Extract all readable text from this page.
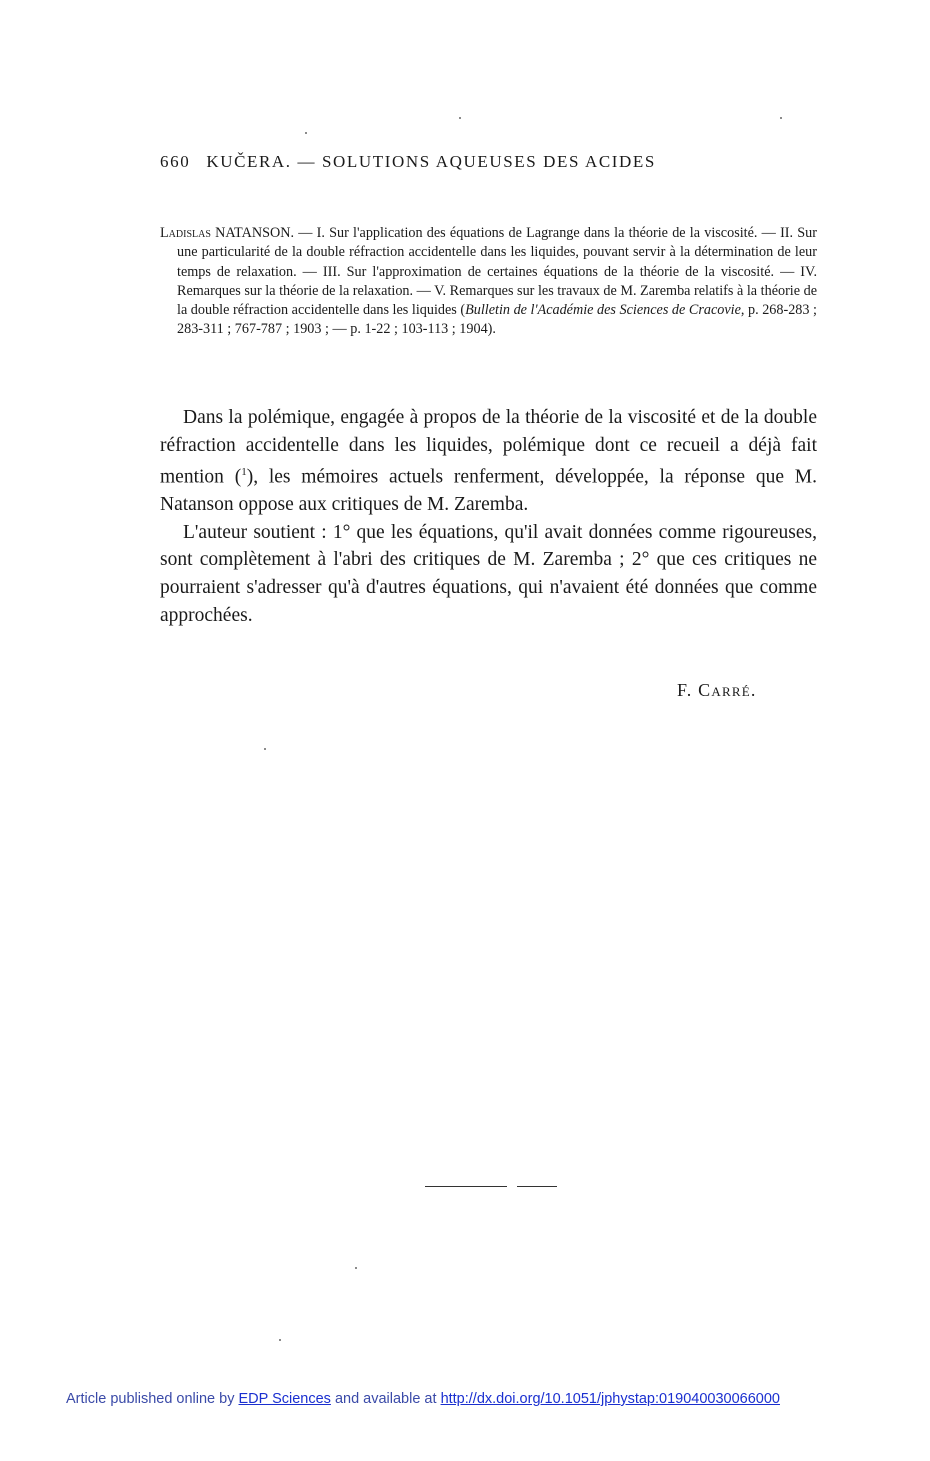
660 KUČERA. — SOLUTIONS AQUEUSES DES ACIDES
Ladislas NATANSON. — I. Sur l'application des équations de Lagrange dans la théorie de la viscosité. — II. Sur une particularité de la double réfraction accidentelle dans les liquides, pouvant servir à la détermination de leur temps de relaxation. — III. Sur l'approximation de certaines équations de la théorie de la viscosité. — IV. Remarques sur la théorie de la relaxation. — V. Remarques sur les travaux de M. Zaremba relatifs à la théorie de la double réfraction accidentelle dans les liquides (Bulletin de l'Académie des Sciences de Cracovie, p. 268-283 ; 283-311 ; 767-787 ; 1903 ; — p. 1-22 ; 103-113 ; 1904).

Dans la polémique, engagée à propos de la théorie de la viscosité et de la double réfraction accidentelle dans les liquides, polémique dont ce recueil a déjà fait mention ($^1$), les mémoires actuels renferment, développée, la réponse que M. Natanson oppose aux critiques de M. Zaremba.

L'auteur soutient : 1° que les équations, qu'il avait données comme rigoureuses, sont complètement à l'abri des critiques de M. Zaremba ; 2° que ces critiques ne pourraient s'adresser qu'à d'autres équations, qui n'avaient été données que comme approchées.

F. Carré.
Article published online by EDP Sciences and available at http://dx.doi.org/10.1051/jphystap:019040030066000
